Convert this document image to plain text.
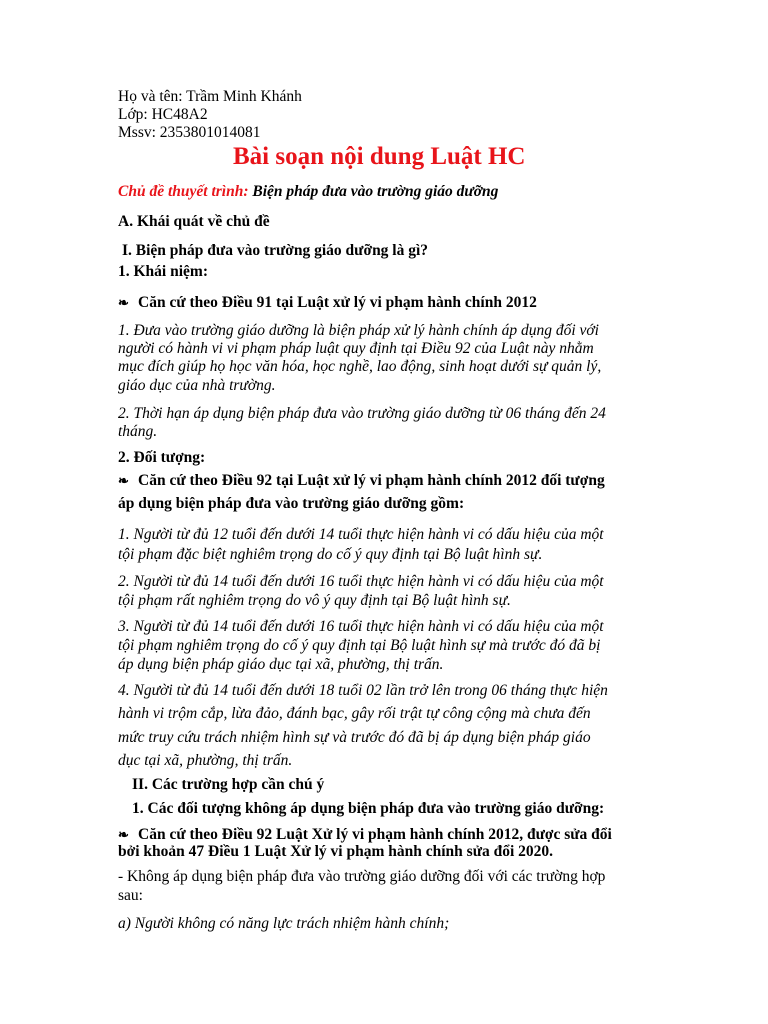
Họ và tên: Trầm Minh Khánh
Lớp: HC48A2
Mssv: 2353801014081
Bài soạn nội dung Luật HC
Chủ đề thuyết trình: Biện pháp đưa vào trường giáo dưỡng
A. Khái quát về chủ đề
I. Biện pháp đưa vào trường giáo dưỡng là gì?
1. Khái niệm:
❧ Căn cứ theo Điều 91 tại Luật xử lý vi phạm hành chính 2012
1. Đưa vào trường giáo dưỡng là biện pháp xử lý hành chính áp dụng đối với
người có hành vi vi phạm pháp luật quy định tại Điều 92 của Luật này nhằm
mục đích giúp họ học văn hóa, học nghề, lao động, sinh hoạt dưới sự quản lý,
giáo dục của nhà trường.
2. Thời hạn áp dụng biện pháp đưa vào trường giáo dưỡng từ 06 tháng đến 24
tháng.
2. Đối tượng:
❧ Căn cứ theo Điều 92 tại Luật xử lý vi phạm hành chính 2012 đối tượng
áp dụng biện pháp đưa vào trường giáo dưỡng gồm:
1. Người từ đủ 12 tuổi đến dưới 14 tuổi thực hiện hành vi có dấu hiệu của một
tội phạm đặc biệt nghiêm trọng do cố ý quy định tại Bộ luật hình sự.
2. Người từ đủ 14 tuổi đến dưới 16 tuổi thực hiện hành vi có dấu hiệu của một
tội phạm rất nghiêm trọng do vô ý quy định tại Bộ luật hình sự.
3. Người từ đủ 14 tuổi đến dưới 16 tuổi thực hiện hành vi có dấu hiệu của một
tội phạm nghiêm trọng do cố ý quy định tại Bộ luật hình sự mà trước đó đã bị
áp dụng biện pháp giáo dục tại xã, phường, thị trấn.
4. Người từ đủ 14 tuổi đến dưới 18 tuổi 02 lần trở lên trong 06 tháng thực hiện
hành vi trộm cắp, lừa đảo, đánh bạc, gây rối trật tự công cộng mà chưa đến
mức truy cứu trách nhiệm hình sự và trước đó đã bị áp dụng biện pháp giáo
dục tại xã, phường, thị trấn.
II. Các trường hợp cần chú ý
1. Các đối tượng không áp dụng biện pháp đưa vào trường giáo dưỡng:
❧ Căn cứ theo Điều 92 Luật Xử lý vi phạm hành chính 2012, được sửa đổi
bởi khoản 47 Điều 1 Luật Xử lý vi phạm hành chính sửa đổi 2020.
- Không áp dụng biện pháp đưa vào trường giáo dưỡng đối với các trường hợp
sau:
a) Người không có năng lực trách nhiệm hành chính;
